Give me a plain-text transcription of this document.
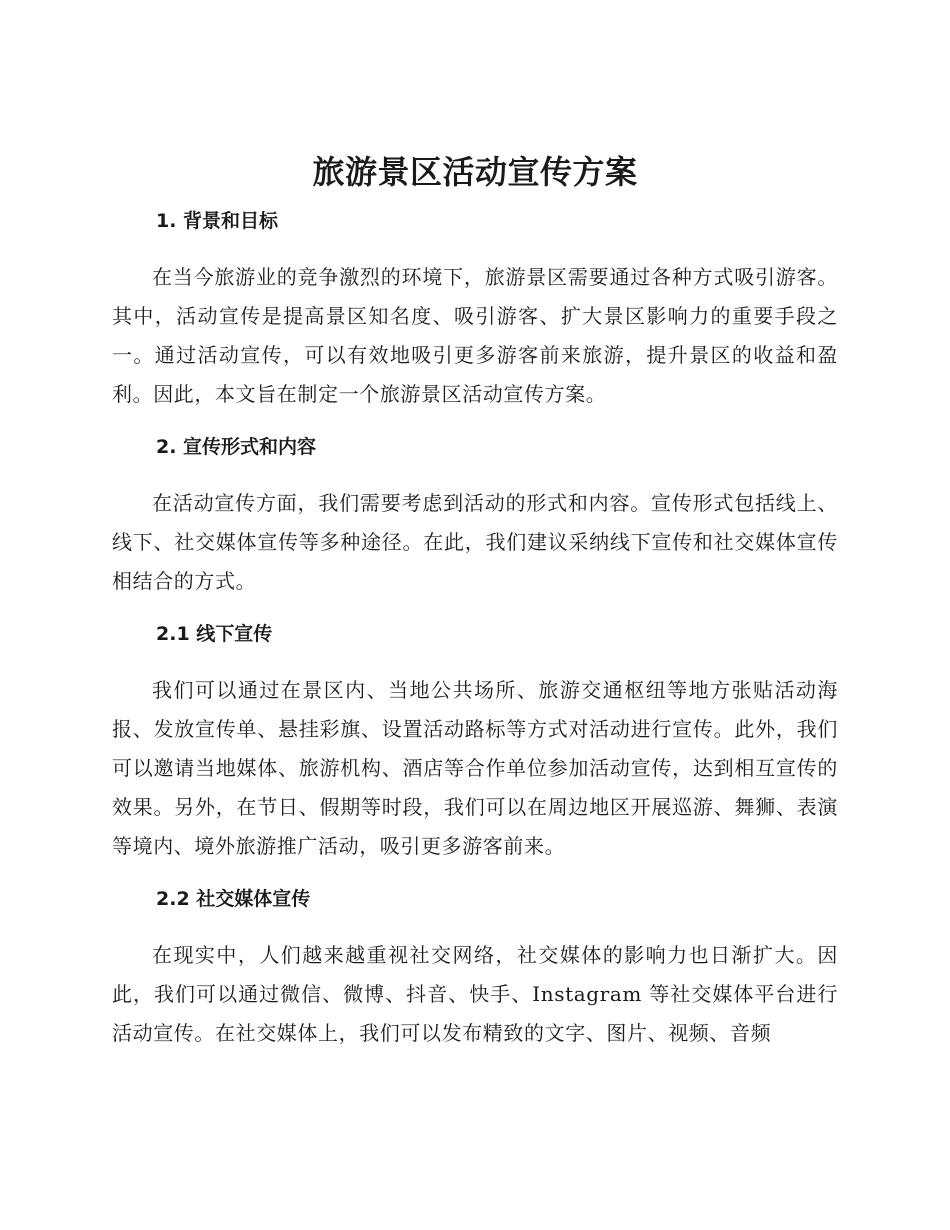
旅游景区活动宣传方案
1. 背景和目标

在当今旅游业的竞争激烈的环境下，旅游景区需要通过各种方式吸引游客。其中，活动宣传是提高景区知名度、吸引游客、扩大景区影响力的重要手段之一。通过活动宣传，可以有效地吸引更多游客前来旅游，提升景区的收益和盈利。因此，本文旨在制定一个旅游景区活动宣传方案。

2. 宣传形式和内容

在活动宣传方面，我们需要考虑到活动的形式和内容。宣传形式包括线上、线下、社交媒体宣传等多种途径。在此，我们建议采纳线下宣传和社交媒体宣传相结合的方式。

2.1 线下宣传

我们可以通过在景区内、当地公共场所、旅游交通枢纽等地方张贴活动海报、发放宣传单、悬挂彩旗、设置活动路标等方式对活动进行宣传。此外，我们可以邀请当地媒体、旅游机构、酒店等合作单位参加活动宣传，达到相互宣传的效果。另外，在节日、假期等时段，我们可以在周边地区开展巡游、舞狮、表演等境内、境外旅游推广活动，吸引更多游客前来。

2.2 社交媒体宣传

在现实中，人们越来越重视社交网络，社交媒体的影响力也日渐扩大。因此，我们可以通过微信、微博、抖音、快手、Instagram 等社交媒体平台进行活动宣传。在社交媒体上，我们可以发布精致的文字、图片、视频、音频
